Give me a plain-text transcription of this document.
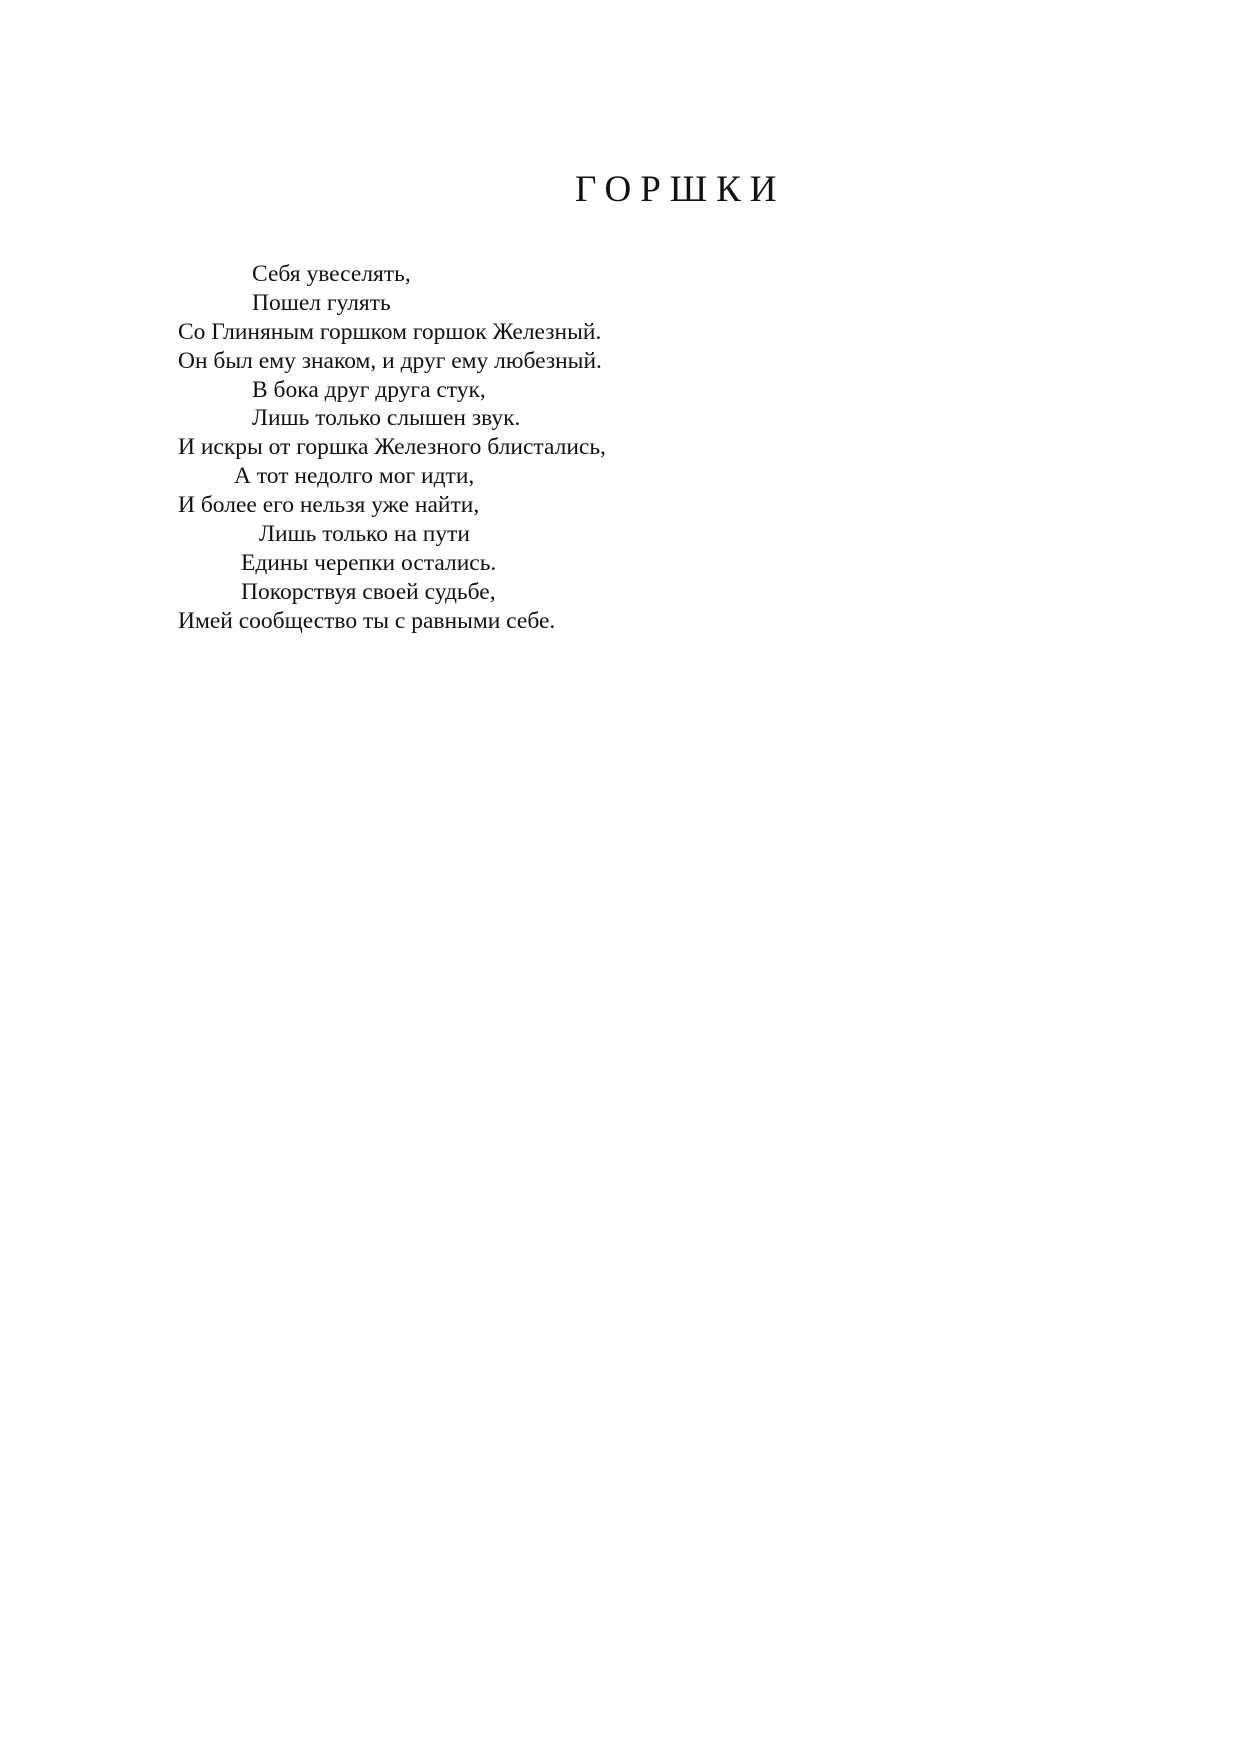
ГОРШКИ
Себя увеселять,
Пошел гулять
Со Глиняным горшком горшок Железный.
Он был ему знаком, и друг ему любезный.
В бока друг друга стук,
Лишь только слышен звук.
И искры от горшка Железного блистались,
А тот недолго мог идти,
И более его нельзя уже найти,
Лишь только на пути
Едины черепки остались.
Покорствуя своей судьбе,
Имей сообщество ты с равными себе.
